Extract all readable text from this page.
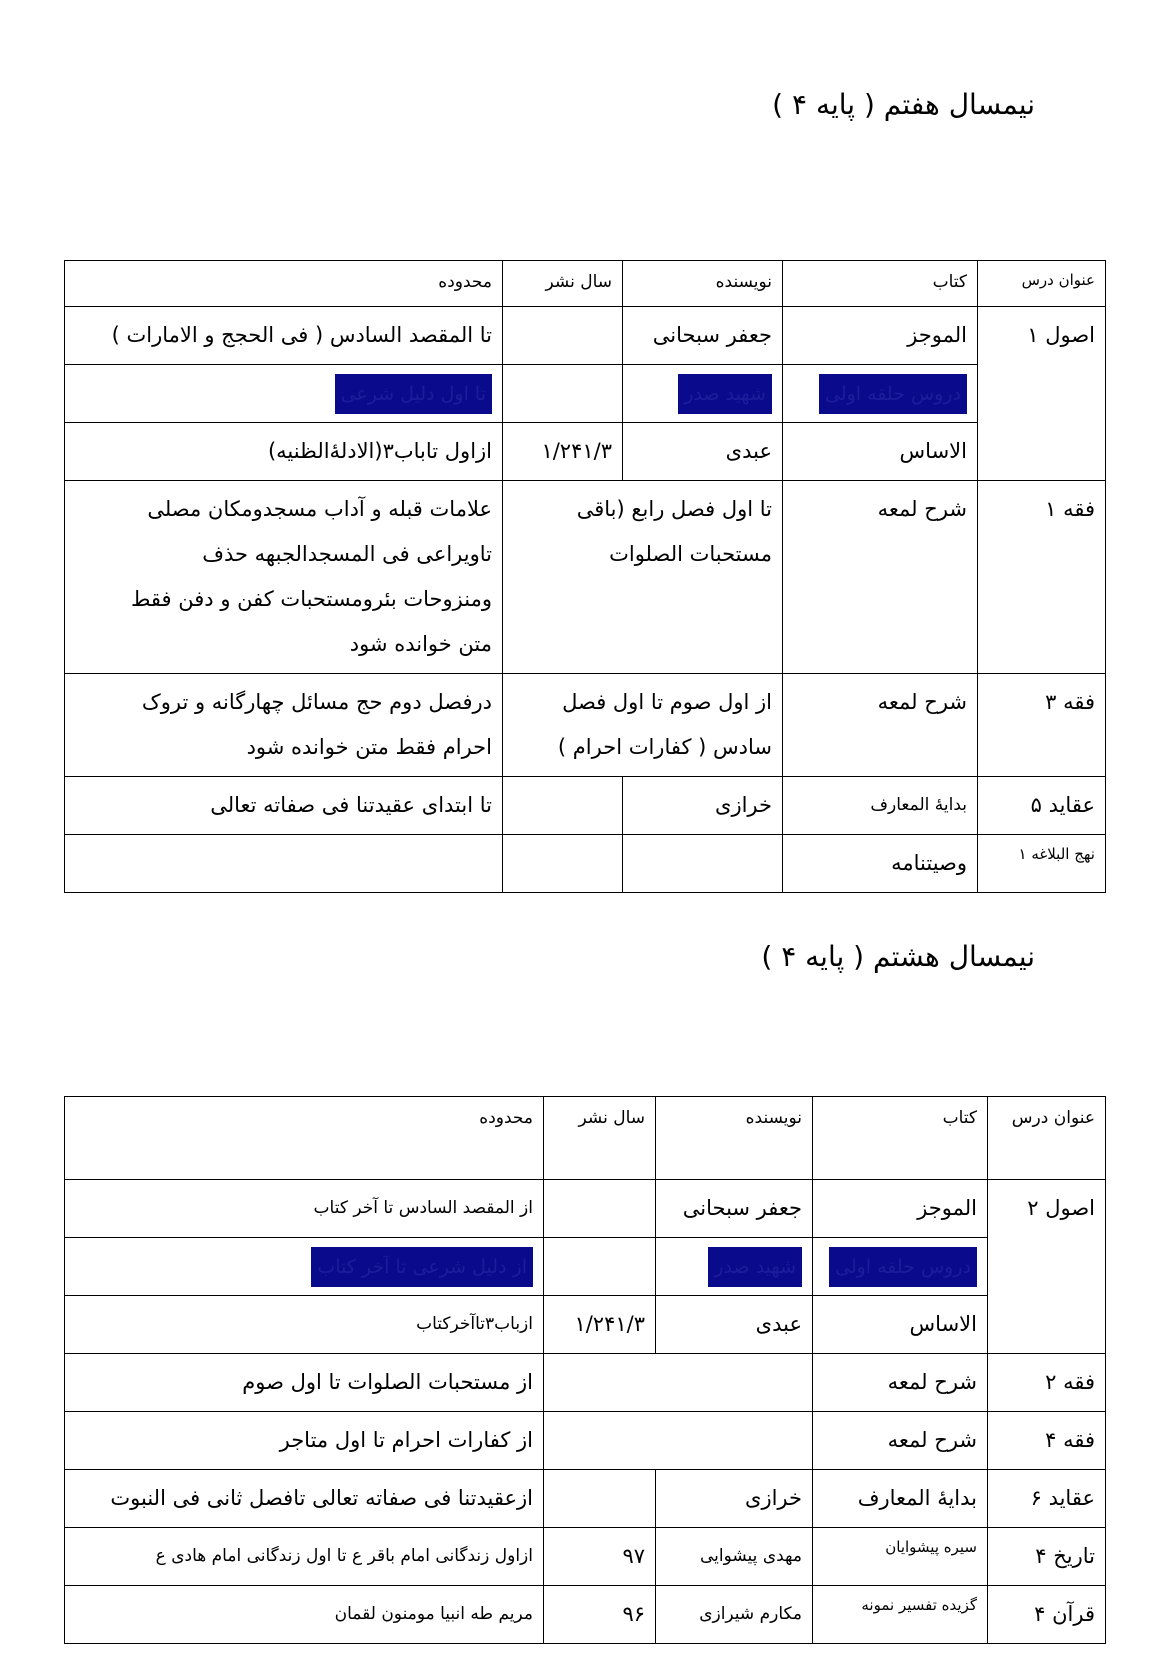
نیمسال هفتم ( پایه ۴ )
عنوان درس	کتاب	نویسنده	سال نشر	محدوده
اصول ۱	الموجز	جعفر سبحانی		تا المقصد السادس ( فی الحجج و الامارات )
	دروس حلقه اولی	شهید صدر		تا اول دلیل شرعی
	الاساس	عبدی	۱/۲۴۱/۳	ازاول تاباب۳(الادلۀالظنیه)
فقه ۱	شرح لمعه	تا اول فصل رابع (باقی مستحبات الصلوات		علامات قبله و آداب مسجدومکان مصلی

تاویراعی فی المسجدالجبهه حذف

ومنزوحات بئرومستحبات کفن و دفن فقط

متن خوانده شود

فقه ۳	شرح لمعه	از اول صوم تا اول فصل سادس ( کفارات احرام )		درفصل دوم حج مسائل چهارگانه و تروک

احرام فقط متن خوانده شود

عقاید ۵	بدایۀ المعارف	خرازی		تا ابتدای عقیدتنا فی صفاته تعالی
نهج البلاغه ۱	وصیتنامه			
نیمسال هشتم ( پایه ۴ )
عنوان درس	کتاب	نویسنده	سال نشر	محدوده
اصول ۲	الموجز	جعفر سبحانی		از المقصد السادس تا آخر کتاب
	دروس حلقه اولی	شهید صدر		از دلیل شرعی تا آخر کتاب
	الاساس	عبدی	۱/۲۴۱/۳	ازباب۳تاآخرکتاب
فقه ۲	شرح لمعه			از مستحبات الصلوات تا اول صوم
فقه ۴	شرح لمعه			از کفارات احرام تا اول متاجر
عقاید ۶	بدایۀ المعارف	خرازی		ازعقیدتنا فی صفاته تعالی تافصل ثانی فی النبوت
تاریخ ۴	سیره پیشوایان	مهدی پیشوایی	۹۷	ازاول زندگانی امام باقر ع تا اول زندگانی امام هادی ع
قرآن ۴	گزیده تفسیر نمونه	مکارم شیرازی	۹۶	مریم طه انبیا مومنون لقمان
